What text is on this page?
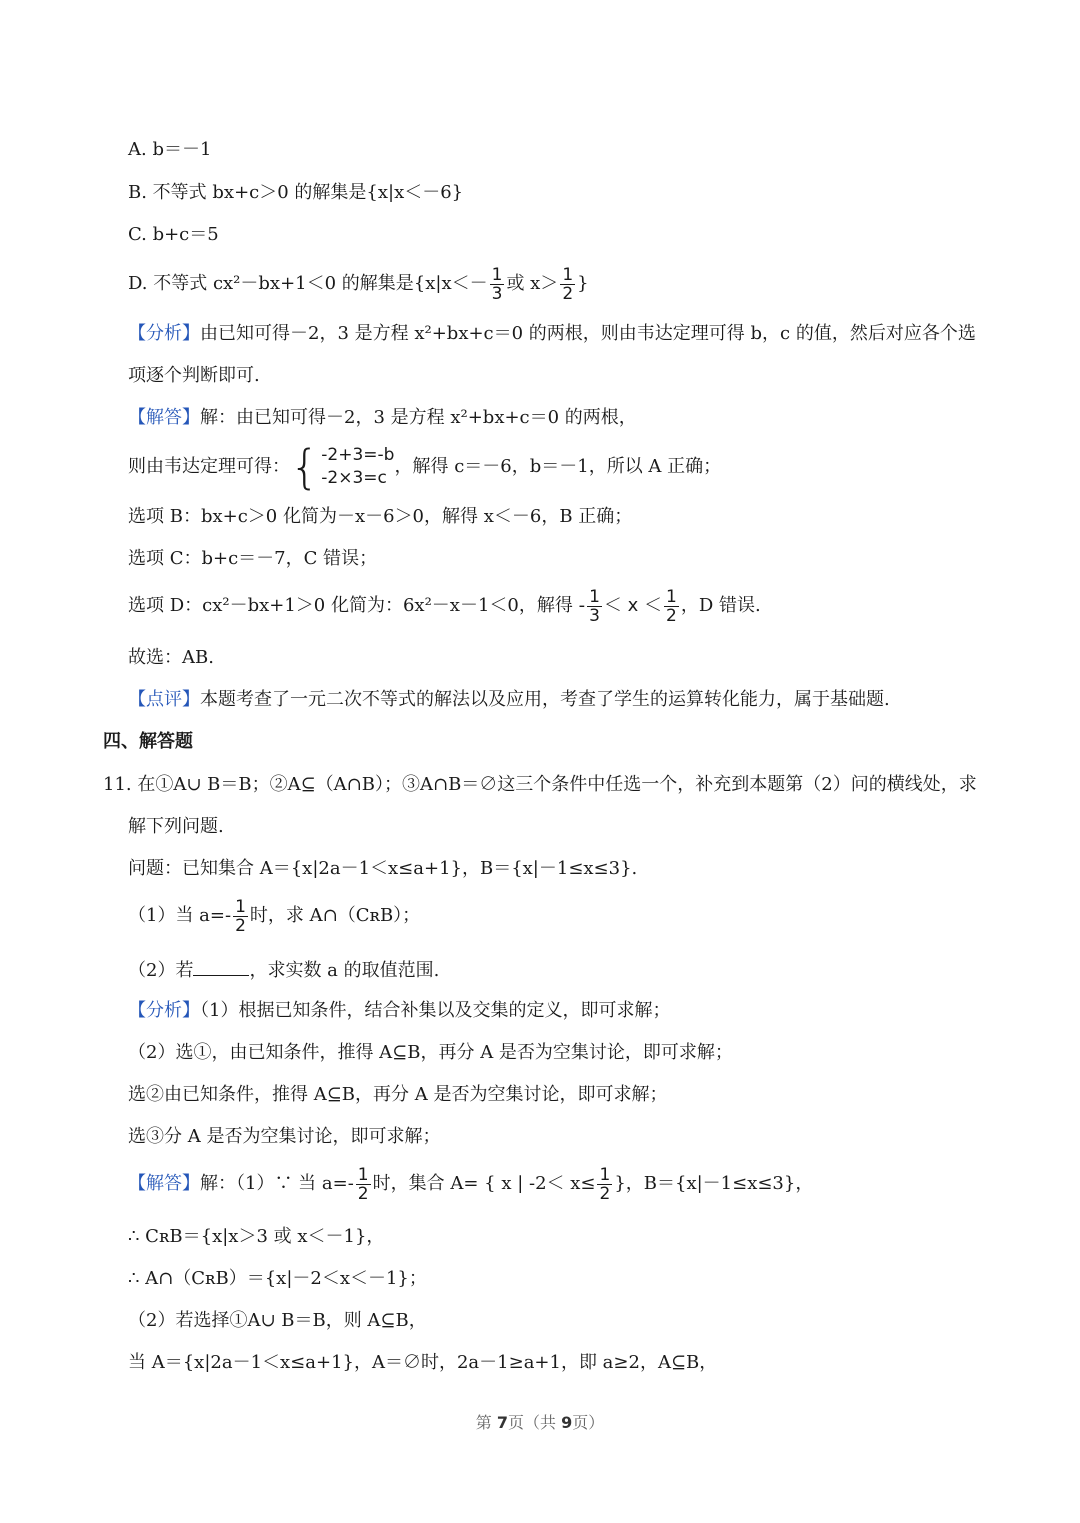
A. b＝－1
B. 不等式 bx+c＞0 的解集是{x|x＜－6}
C. b+c＝5
D. 不等式 cx²－bx+1＜0 的解集是{$x|x<- \frac{1}{3}$ 或 $x> \frac{1}{2}$ }
【分析】由已知可得－2，3 是方程 x²+bx+c＝0 的两根，则由韦达定理可得 b，c 的值，然后对应各个选
项逐个判断即可.
【解答】解：由已知可得－2，3 是方程 x²+bx+c＝0 的两根，
则由韦达定理可得： { -2+3=-b
-2×3=c
，解得 c＝－6，b＝－1，所以 A 正确；
选项 B：bx+c＞0 化简为－x－6＞0，解得 x＜－6，B 正确；
选项 C：b+c＝－7，C 错误；
选项 D：cx²－bx+1＞0 化简为：6x²－x－1＜0，解得 - $\frac{1}{3} < x < \frac{1}{2}$ ，D 错误.
故选：AB.
【点评】本题考查了一元二次不等式的解法以及应用，考查了学生的运算转化能力，属于基础题.
四、解答题
11. 在①A∪ B＝B；②A⊆（A∩B）；③A∩B＝∅这三个条件中任选一个，补充到本题第（2）问的横线处，求
解下列问题.
问题：已知集合 A＝{x|2a－1＜x≤a+1}，B＝{x|－1≤x≤3}.
（1）当 $a=- \frac{1}{2}$ 时，求 A∩（CʀB）；
（2）若	，求实数 a 的取值范围.
【分析】（1）根据已知条件，结合补集以及交集的定义，即可求解；
（2）选①，由已知条件，推得 A⊆B，再分 A 是否为空集讨论，即可求解；
选②由已知条件，推得 A⊆B，再分 A 是否为空集讨论，即可求解；
选③分 A 是否为空集讨论，即可求解；
【解答】解：（1）∵ 当 $a=- \frac{1}{2}$ 时，集合 A= { x | $-2< x\le \frac{1}{2}$ }，B＝{x|－1≤x≤3}，
∴ CʀB＝{x|x＞3 或 x＜－1}，
∴ A∩（CʀB）＝{x|－2＜x＜－1}；
（2）若选择①A∪ B＝B，则 A⊆B，
当 A＝{x|2a－1＜x≤a+1}，A＝∅时，2a－1≥a+1，即 a≥2，A⊆B，
第 7页（共 9页）
